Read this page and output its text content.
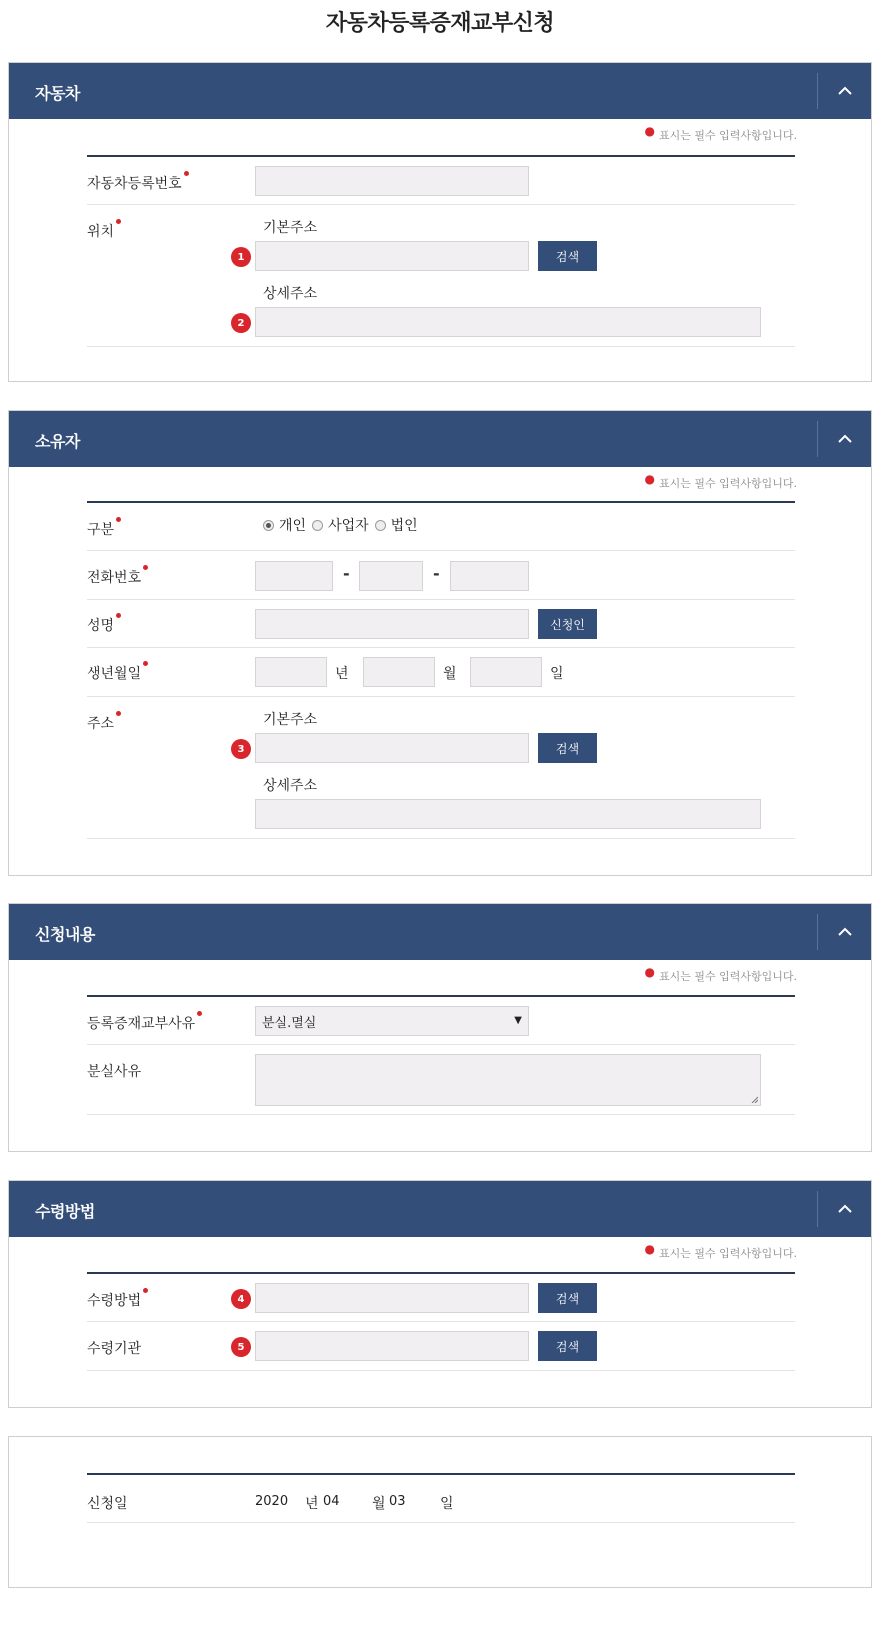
자동차등록증재교부신청
자동차
● 표시는 필수 입력사항입니다.
자동차등록번호
위치	기본주소
1	검색
상세주소
2
소유자
● 표시는 필수 입력사항입니다.
구분	개인 사업자 법인
전화번호	-	-
성명	신청인
생년월일	년	월	일
주소	기본주소
3	검색
상세주소
신청내용
● 표시는 필수 입력사항입니다.
등록증재교부사유	분실.멸실	▼
분실사유
수령방법
● 표시는 필수 입력사항입니다.
수령방법	4	검색
수령기관	5	검색
신청일	2020 년 04 월 03 일
